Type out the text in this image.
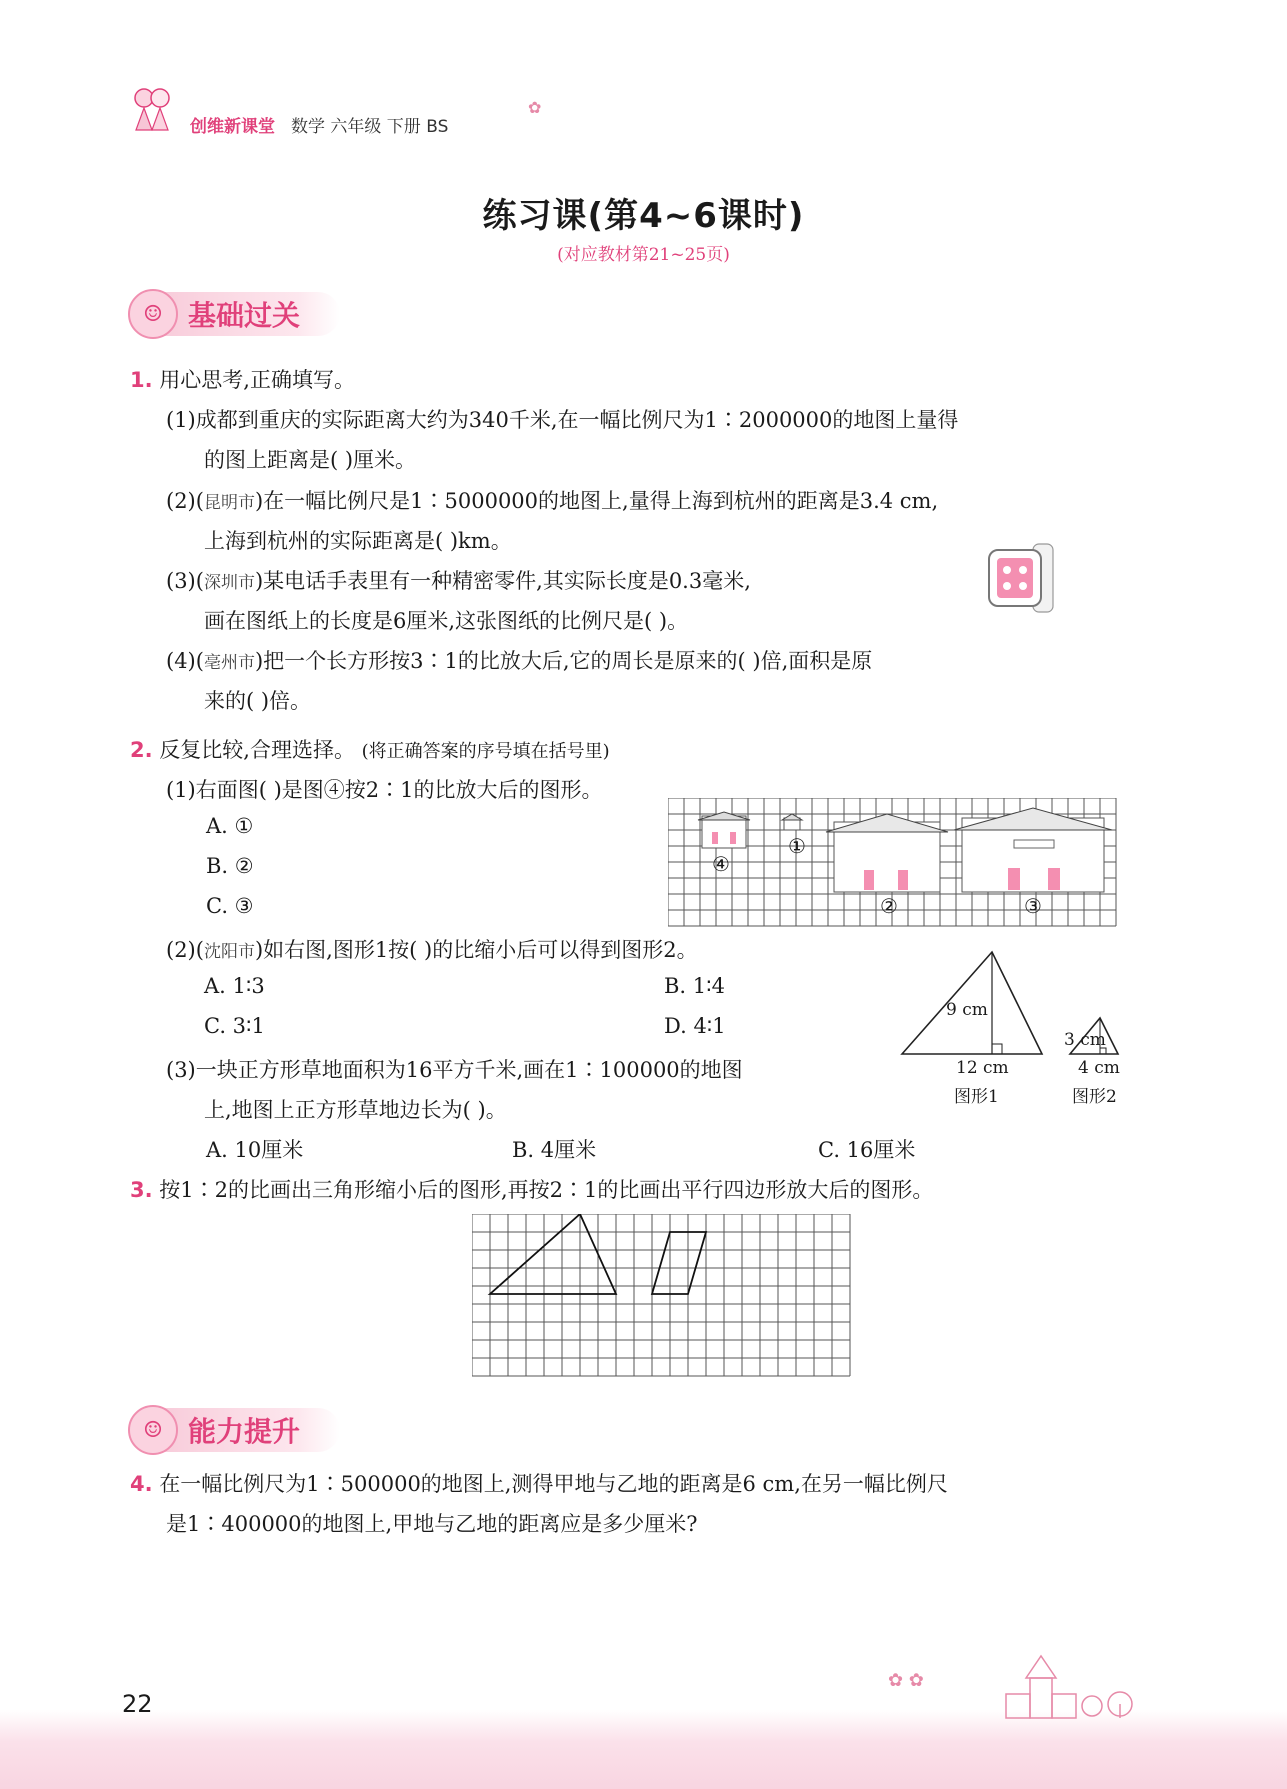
创维新课堂 数学 六年级 下册 BS
✿
练习课(第4~6课时)
(对应教材第21~25页)
☺ 基础过关
1. 用心思考,正确填写。
(1)成都到重庆的实际距离大约为340千米,在一幅比例尺为1∶2000000的地图上量得
的图上距离是( )厘米。
(2)(昆明市)在一幅比例尺是1∶5000000的地图上,量得上海到杭州的距离是3.4 cm,
上海到杭州的实际距离是( )km。
(3)(深圳市)某电话手表里有一种精密零件,其实际长度是0.3毫米,
画在图纸上的长度是6厘米,这张图纸的比例尺是( )。
(4)(亳州市)把一个长方形按3∶1的比放大后,它的周长是原来的( )倍,面积是原
来的( )倍。
2. 反复比较,合理选择。 (将正确答案的序号填在括号里)
(1)右面图( )是图④按2∶1的比放大后的图形。
A. ①
B. ②
C. ③
④
①
②	③
(2)(沈阳市)如右图,图形1按( )的比缩小后可以得到图形2。
A. 1∶3	B. 1∶4
C. 3∶1	D. 4∶1
9 cm
12 cm
图形1
3 cm
4 cm
图形2
(3)一块正方形草地面积为16平方千米,画在1∶100000的地图
上,地图上正方形草地边长为( )。
A. 10厘米	B. 4厘米	C. 16厘米
3. 按1∶2的比画出三角形缩小后的图形,再按2∶1的比画出平行四边形放大后的图形。
☺ 能力提升
4. 在一幅比例尺为1∶500000的地图上,测得甲地与乙地的距离是6 cm,在另一幅比例尺
是1∶400000的地图上,甲地与乙地的距离应是多少厘米?
22
✿ ✿
